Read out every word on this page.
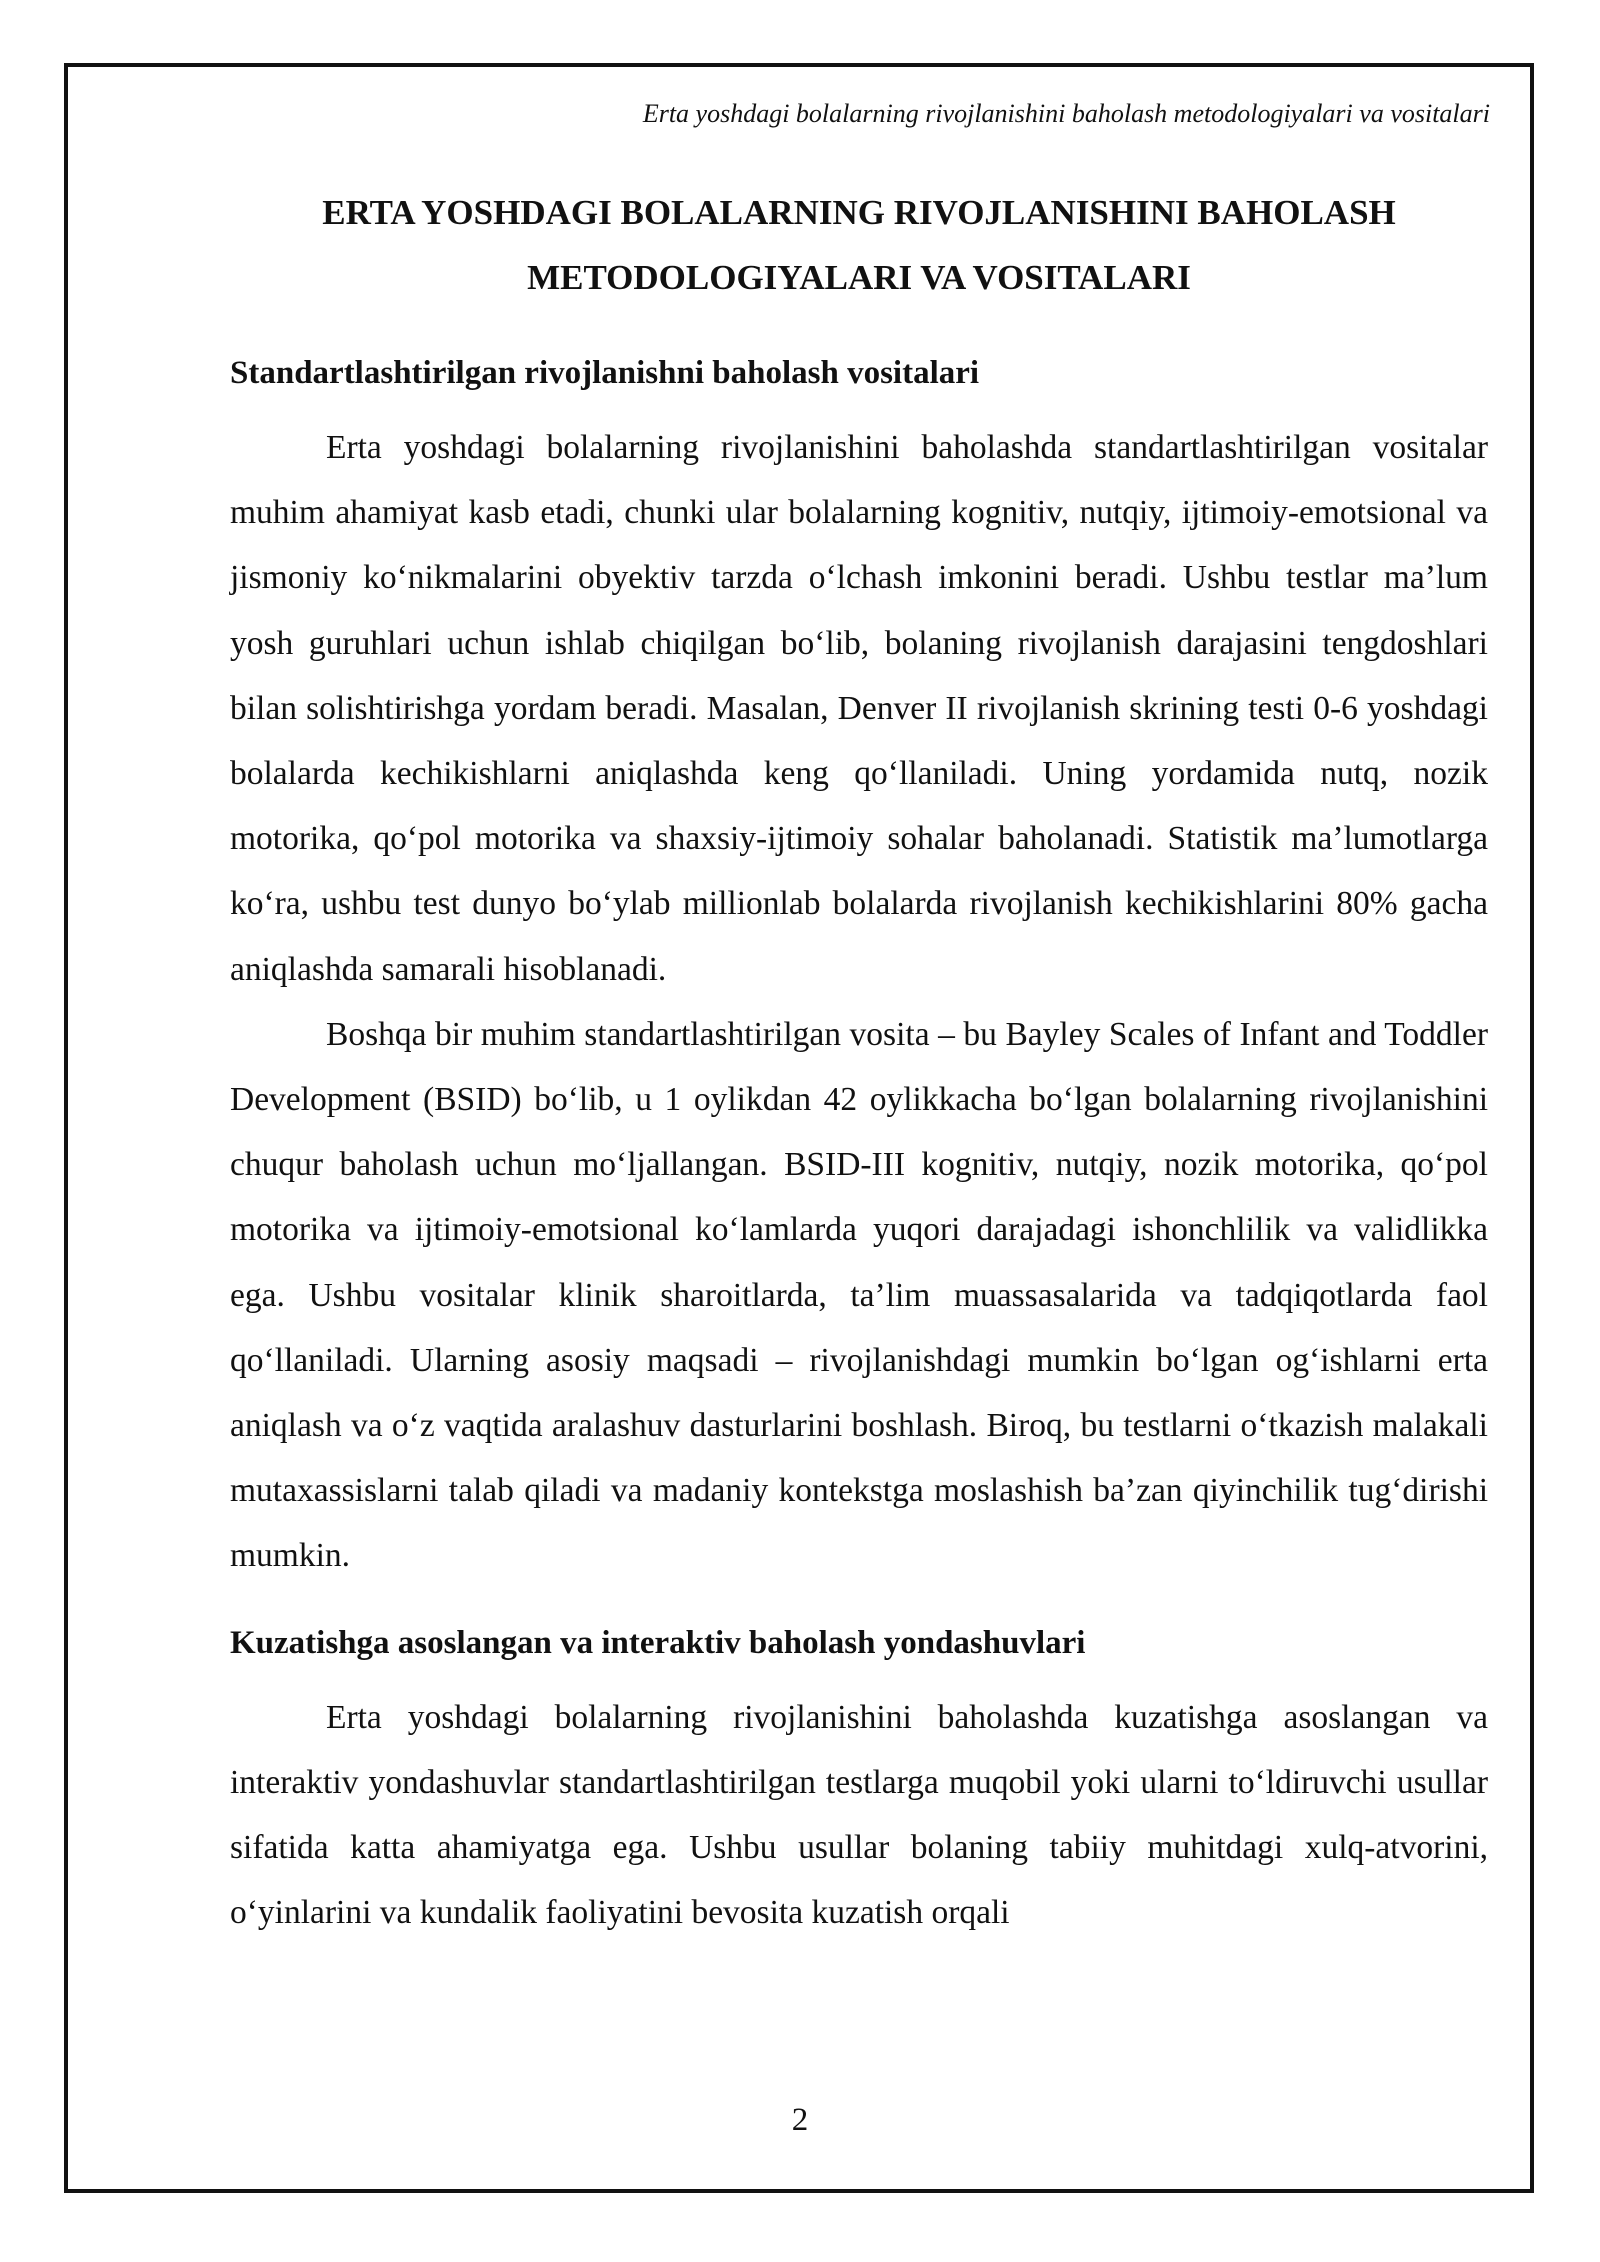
Erta yoshdagi bolalarning rivojlanishini baholash metodologiyalari va vositalari
ERTA YOSHDAGI BOLALARNING RIVOJLANISHINI BAHOLASH
METODOLOGIYALARI VA VOSITALARI
Standartlashtirilgan rivojlanishni baholash vositalari

Erta yoshdagi bolalarning rivojlanishini baholashda standartlashtirilgan vositalar muhim ahamiyat kasb etadi, chunki ular bolalarning kognitiv, nutqiy, ijtimoiy-emotsional va jismoniy ko‘nikmalarini obyektiv tarzda o‘lchash imkonini beradi. Ushbu testlar ma’lum yosh guruhlari uchun ishlab chiqilgan bo‘lib, bolaning rivojlanish darajasini tengdoshlari bilan solishtirishga yordam beradi. Masalan, Denver II rivojlanish skrining testi 0-6 yoshdagi bolalarda kechikishlarni aniqlashda keng qo‘llaniladi. Uning yordamida nutq, nozik motorika, qo‘pol motorika va shaxsiy-ijtimoiy sohalar baholanadi. Statistik ma’lumotlarga ko‘ra, ushbu test dunyo bo‘ylab millionlab bolalarda rivojlanish kechikishlarini 80% gacha aniqlashda samarali hisoblanadi.

Boshqa bir muhim standartlashtirilgan vosita – bu Bayley Scales of Infant and Toddler Development (BSID) bo‘lib, u 1 oylikdan 42 oylikkacha bo‘lgan bolalarning rivojlanishini chuqur baholash uchun mo‘ljallangan. BSID-III kognitiv, nutqiy, nozik motorika, qo‘pol motorika va ijtimoiy-emotsional ko‘lamlarda yuqori darajadagi ishonchlilik va validlikka ega. Ushbu vositalar klinik sharoitlarda, ta’lim muassasalarida va tadqiqotlarda faol qo‘llaniladi. Ularning asosiy maqsadi – rivojlanishdagi mumkin bo‘lgan og‘ishlarni erta aniqlash va o‘z vaqtida aralashuv dasturlarini boshlash. Biroq, bu testlarni o‘tkazish malakali mutaxassislarni talab qiladi va madaniy kontekstga moslashish ba’zan qiyinchilik tug‘dirishi mumkin.

Kuzatishga asoslangan va interaktiv baholash yondashuvlari

Erta yoshdagi bolalarning rivojlanishini baholashda kuzatishga asoslangan va interaktiv yondashuvlar standartlashtirilgan testlarga muqobil yoki ularni to‘ldiruvchi usullar sifatida katta ahamiyatga ega. Ushbu usullar bolaning tabiiy muhitdagi xulq-atvorini, o‘yinlarini va kundalik faoliyatini bevosita kuzatish orqali

2
